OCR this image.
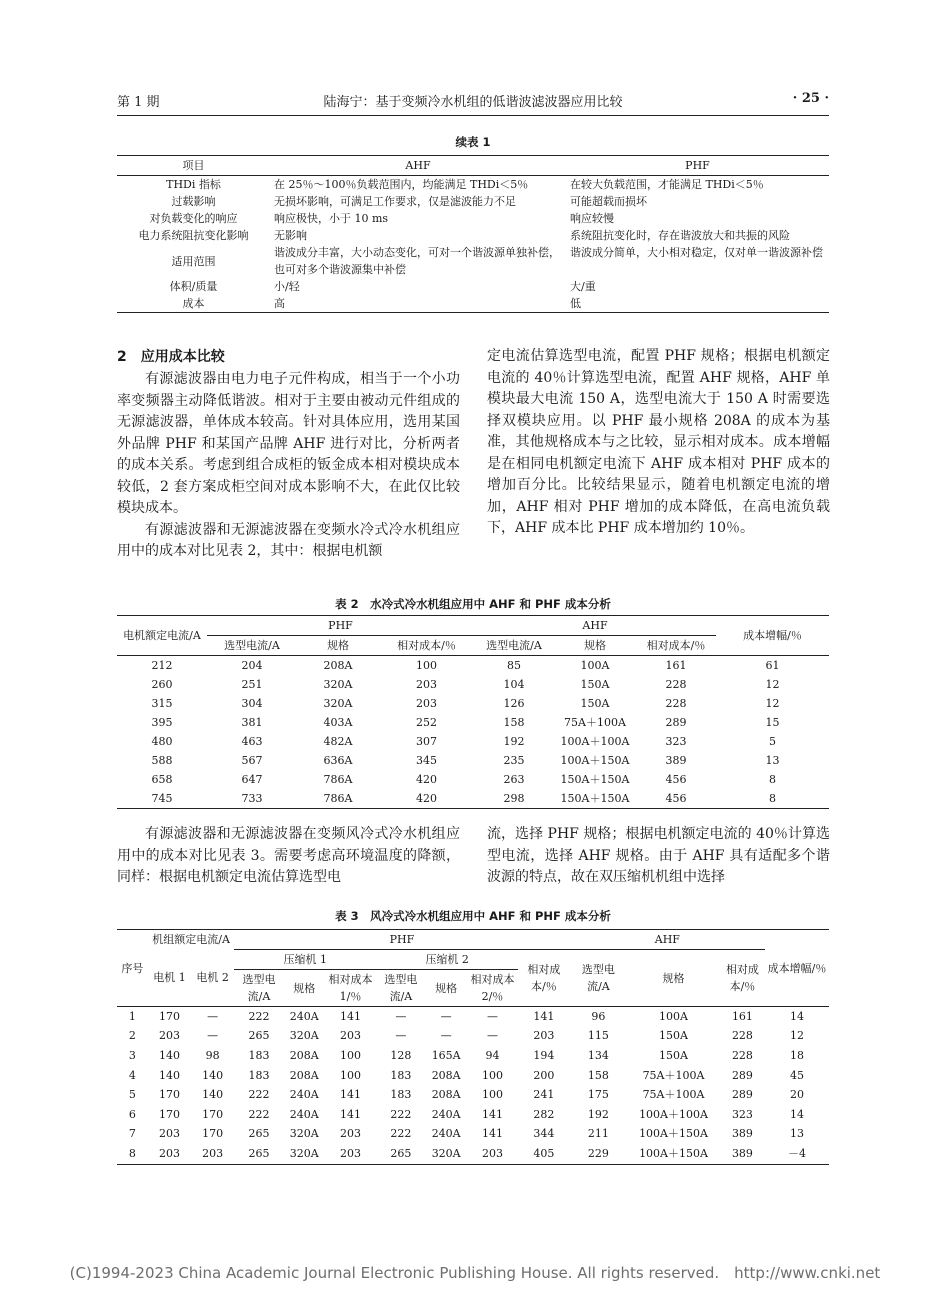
第 1 期	陆海宁：基于变频冷水机组的低谐波滤波器应用比较	· 25 ·
续表 1
项目	AHF	PHF
THDi 指标	在 25％～100％负载范围内，均能满足 THDi＜5％	在较大负载范围，才能满足 THDi＜5％
过载影响	无损坏影响，可满足工作要求，仅是滤波能力不足	可能超载而损坏
对负载变化的响应	响应极快，小于 10 ms	响应较慢
电力系统阻抗变化影响	无影响	系统阻抗变化时，存在谐波放大和共振的风险
适用范围	谐波成分丰富，大小动态变化，可对一个谐波源单独补偿，也可对多个谐波源集中补偿	谐波成分简单，大小相对稳定，仅对单一谐波源补偿
体积/质量	小/轻	大/重
成本	高	低
2　应用成本比较

有源滤波器由电力电子元件构成，相当于一个小功率变频器主动降低谐波。相对于主要由被动元件组成的无源滤波器，单体成本较高。针对具体应用，选用某国外品牌 PHF 和某国产品牌 AHF 进行对比，分析两者的成本关系。考虑到组合成柜的钣金成本相对模块成本较低，2 套方案成柜空间对成本影响不大，在此仅比较模块成本。

有源滤波器和无源滤波器在变频水冷式冷水机组应用中的成本对比见表 2，其中：根据电机额

定电流估算选型电流，配置 PHF 规格；根据电机额定电流的 40％计算选型电流，配置 AHF 规格，AHF 单模块最大电流 150 A，选型电流大于 150 A 时需要选择双模块应用。以 PHF 最小规格 208A 的成本为基准，其他规格成本与之比较，显示相对成本。成本增幅是在相同电机额定电流下 AHF 成本相对 PHF 成本的增加百分比。比较结果显示，随着电机额定电流的增加，AHF 相对 PHF 增加的成本降低，在高电流负载下，AHF 成本比 PHF 成本增加约 10％。

表 2　水冷式冷水机组应用中 AHF 和 PHF 成本分析
电机额定电流/A	PHF			AHF			成本增幅/％
	选型电流/A	规格	相对成本/％	选型电流/A	规格	相对成本/％	
212	204	208A	100	85	100A	161	61
260	251	320A	203	104	150A	228	12
315	304	320A	203	126	150A	228	12
395	381	403A	252	158	75A＋100A	289	15
480	463	482A	307	192	100A＋100A	323	5
588	567	636A	345	235	100A＋150A	389	13
658	647	786A	420	263	150A＋150A	456	8
745	733	786A	420	298	150A＋150A	456	8

有源滤波器和无源滤波器在变频风冷式冷水机组应用中的成本对比见表 3。需要考虑高环境温度的降额，同样：根据电机额定电流估算选型电

流，选择 PHF 规格；根据电机额定电流的 40％计算选型电流，选择 AHF 规格。由于 AHF 具有适配多个谐波源的特点，故在双压缩机机组中选择

表 3　风冷式冷水机组应用中 AHF 和 PHF 成本分析
序号	机组额定电流/A		PHF							AHF			成本增幅/％
	电机 1	电机 2	压缩机 1			压缩机 2			相对成本/％	选型电流/A	规格	相对成本/％	
			选型电流/A	规格	相对成本 1/％	选型电流/A	规格	相对成本 2/％					
1	170	—	222	240A	141	—	—	—	141	96	100A	161	14
2	203	—	265	320A	203	—	—	—	203	115	150A	228	12
3	140	98	183	208A	100	128	165A	94	194	134	150A	228	18
4	140	140	183	208A	100	183	208A	100	200	158	75A＋100A	289	45
5	170	140	222	240A	141	183	208A	100	241	175	75A＋100A	289	20
6	170	170	222	240A	141	222	240A	141	282	192	100A＋100A	323	14
7	203	170	265	320A	203	222	240A	141	344	211	100A＋150A	389	13
8	203	203	265	320A	203	265	320A	203	405	229	100A＋150A	389	－4
(C)1994-2023 China Academic Journal Electronic Publishing House. All rights reserved.　http://www.cnki.net
